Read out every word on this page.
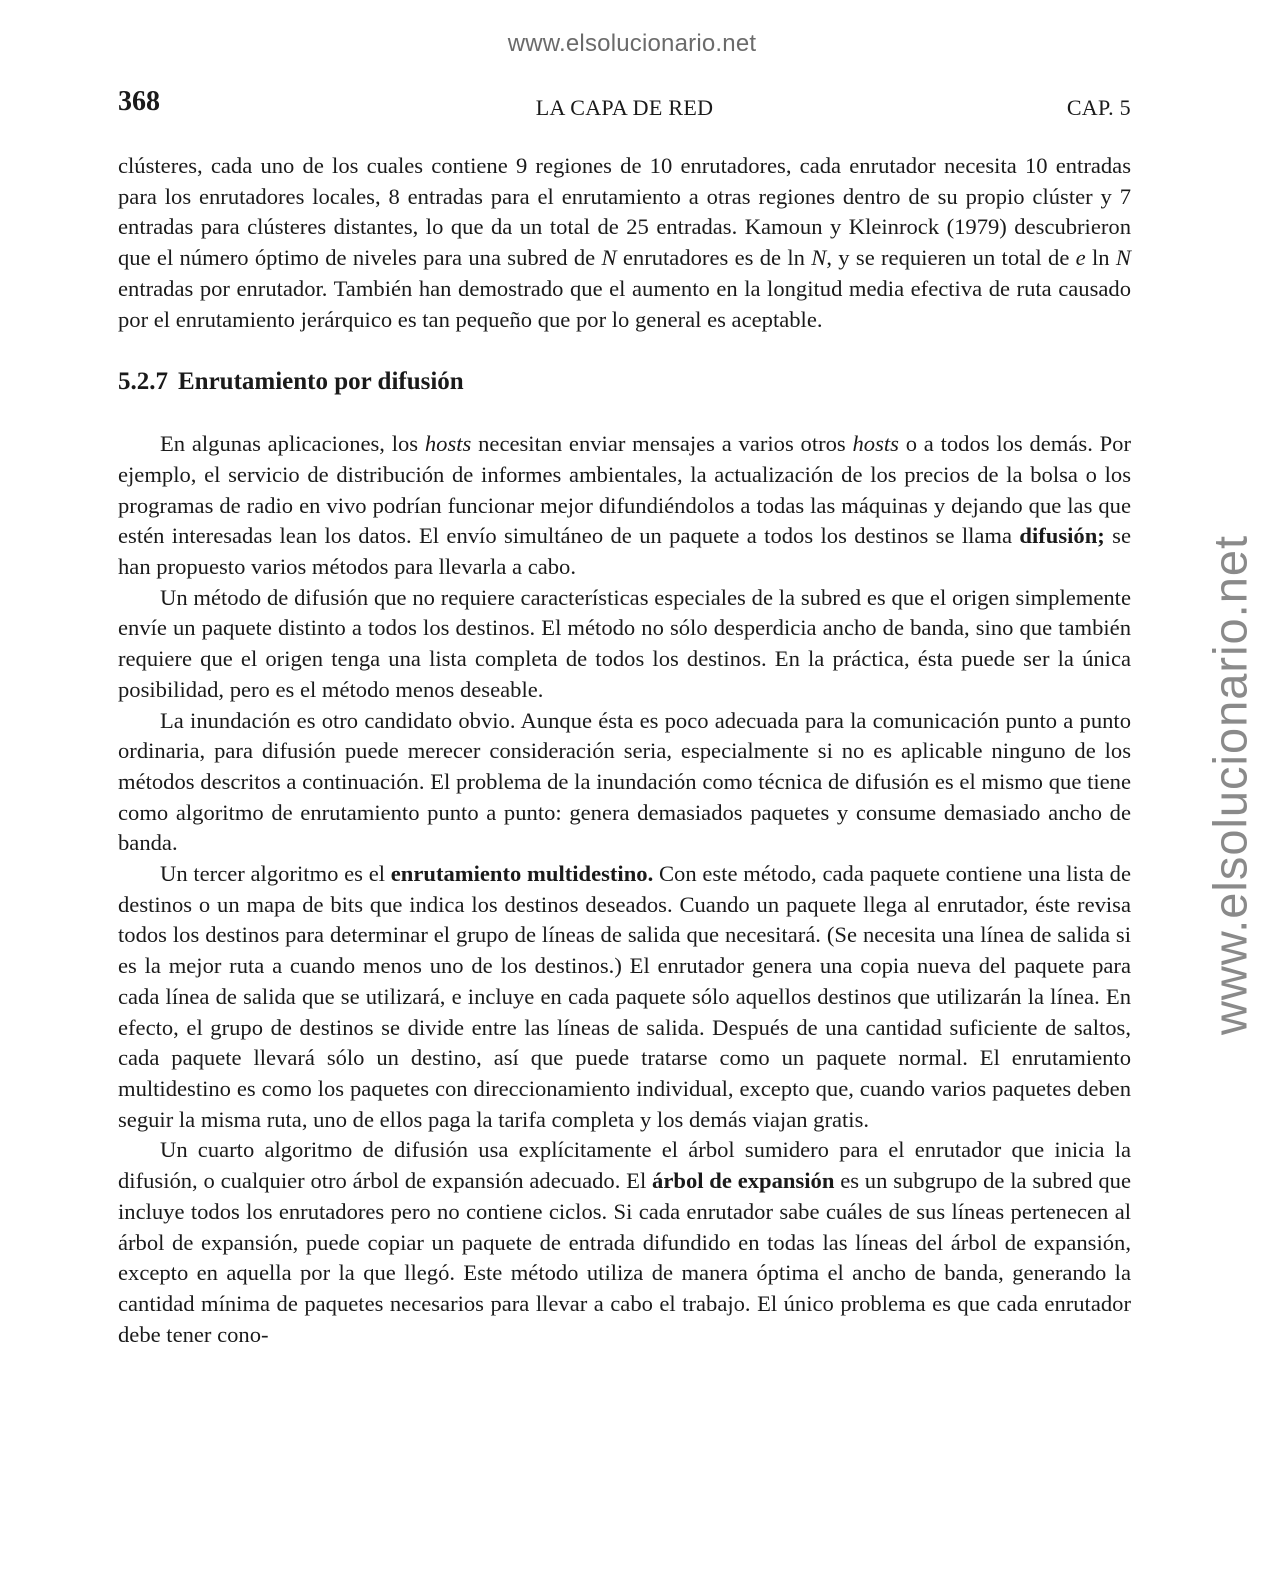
www.elsolucionario.net
www.elsolucionario.net
368	LA CAPA DE RED	CAP. 5

clústeres, cada uno de los cuales contiene 9 regiones de 10 enrutadores, cada enrutador necesita 10 entradas para los enrutadores locales, 8 entradas para el enrutamiento a otras regiones dentro de su propio clúster y 7 entradas para clústeres distantes, lo que da un total de 25 entradas. Kamoun y Kleinrock (1979) descubrieron que el número óptimo de niveles para una subred de N enrutadores es de ln N, y se requieren un total de e ln N entradas por enrutador. También han demostrado que el aumento en la longitud media efectiva de ruta causado por el enrutamiento jerárquico es tan pequeño que por lo general es aceptable.

5.2.7 Enrutamiento por difusión

En algunas aplicaciones, los hosts necesitan enviar mensajes a varios otros hosts o a todos los demás. Por ejemplo, el servicio de distribución de informes ambientales, la actualización de los precios de la bolsa o los programas de radio en vivo podrían funcionar mejor difundiéndolos a todas las máquinas y dejando que las que estén interesadas lean los datos. El envío simultáneo de un paquete a todos los destinos se llama difusión; se han propuesto varios métodos para llevarla a cabo.

Un método de difusión que no requiere características especiales de la subred es que el origen simplemente envíe un paquete distinto a todos los destinos. El método no sólo desperdicia ancho de banda, sino que también requiere que el origen tenga una lista completa de todos los destinos. En la práctica, ésta puede ser la única posibilidad, pero es el método menos deseable.

La inundación es otro candidato obvio. Aunque ésta es poco adecuada para la comunicación punto a punto ordinaria, para difusión puede merecer consideración seria, especialmente si no es aplicable ninguno de los métodos descritos a continuación. El problema de la inundación como técnica de difusión es el mismo que tiene como algoritmo de enrutamiento punto a punto: genera demasiados paquetes y consume demasiado ancho de banda.

Un tercer algoritmo es el enrutamiento multidestino. Con este método, cada paquete contiene una lista de destinos o un mapa de bits que indica los destinos deseados. Cuando un paquete llega al enrutador, éste revisa todos los destinos para determinar el grupo de líneas de salida que necesitará. (Se necesita una línea de salida si es la mejor ruta a cuando menos uno de los destinos.) El enrutador genera una copia nueva del paquete para cada línea de salida que se utilizará, e incluye en cada paquete sólo aquellos destinos que utilizarán la línea. En efecto, el grupo de destinos se divide entre las líneas de salida. Después de una cantidad suficiente de saltos, cada paquete llevará sólo un destino, así que puede tratarse como un paquete normal. El enrutamiento multidestino es como los paquetes con direccionamiento individual, excepto que, cuando varios paquetes deben seguir la misma ruta, uno de ellos paga la tarifa completa y los demás viajan gratis.

Un cuarto algoritmo de difusión usa explícitamente el árbol sumidero para el enrutador que inicia la difusión, o cualquier otro árbol de expansión adecuado. El árbol de expansión es un subgrupo de la subred que incluye todos los enrutadores pero no contiene ciclos. Si cada enrutador sabe cuáles de sus líneas pertenecen al árbol de expansión, puede copiar un paquete de entrada difundido en todas las líneas del árbol de expansión, excepto en aquella por la que llegó. Este método utiliza de manera óptima el ancho de banda, generando la cantidad mínima de paquetes necesarios para llevar a cabo el trabajo. El único problema es que cada enrutador debe tener cono-
